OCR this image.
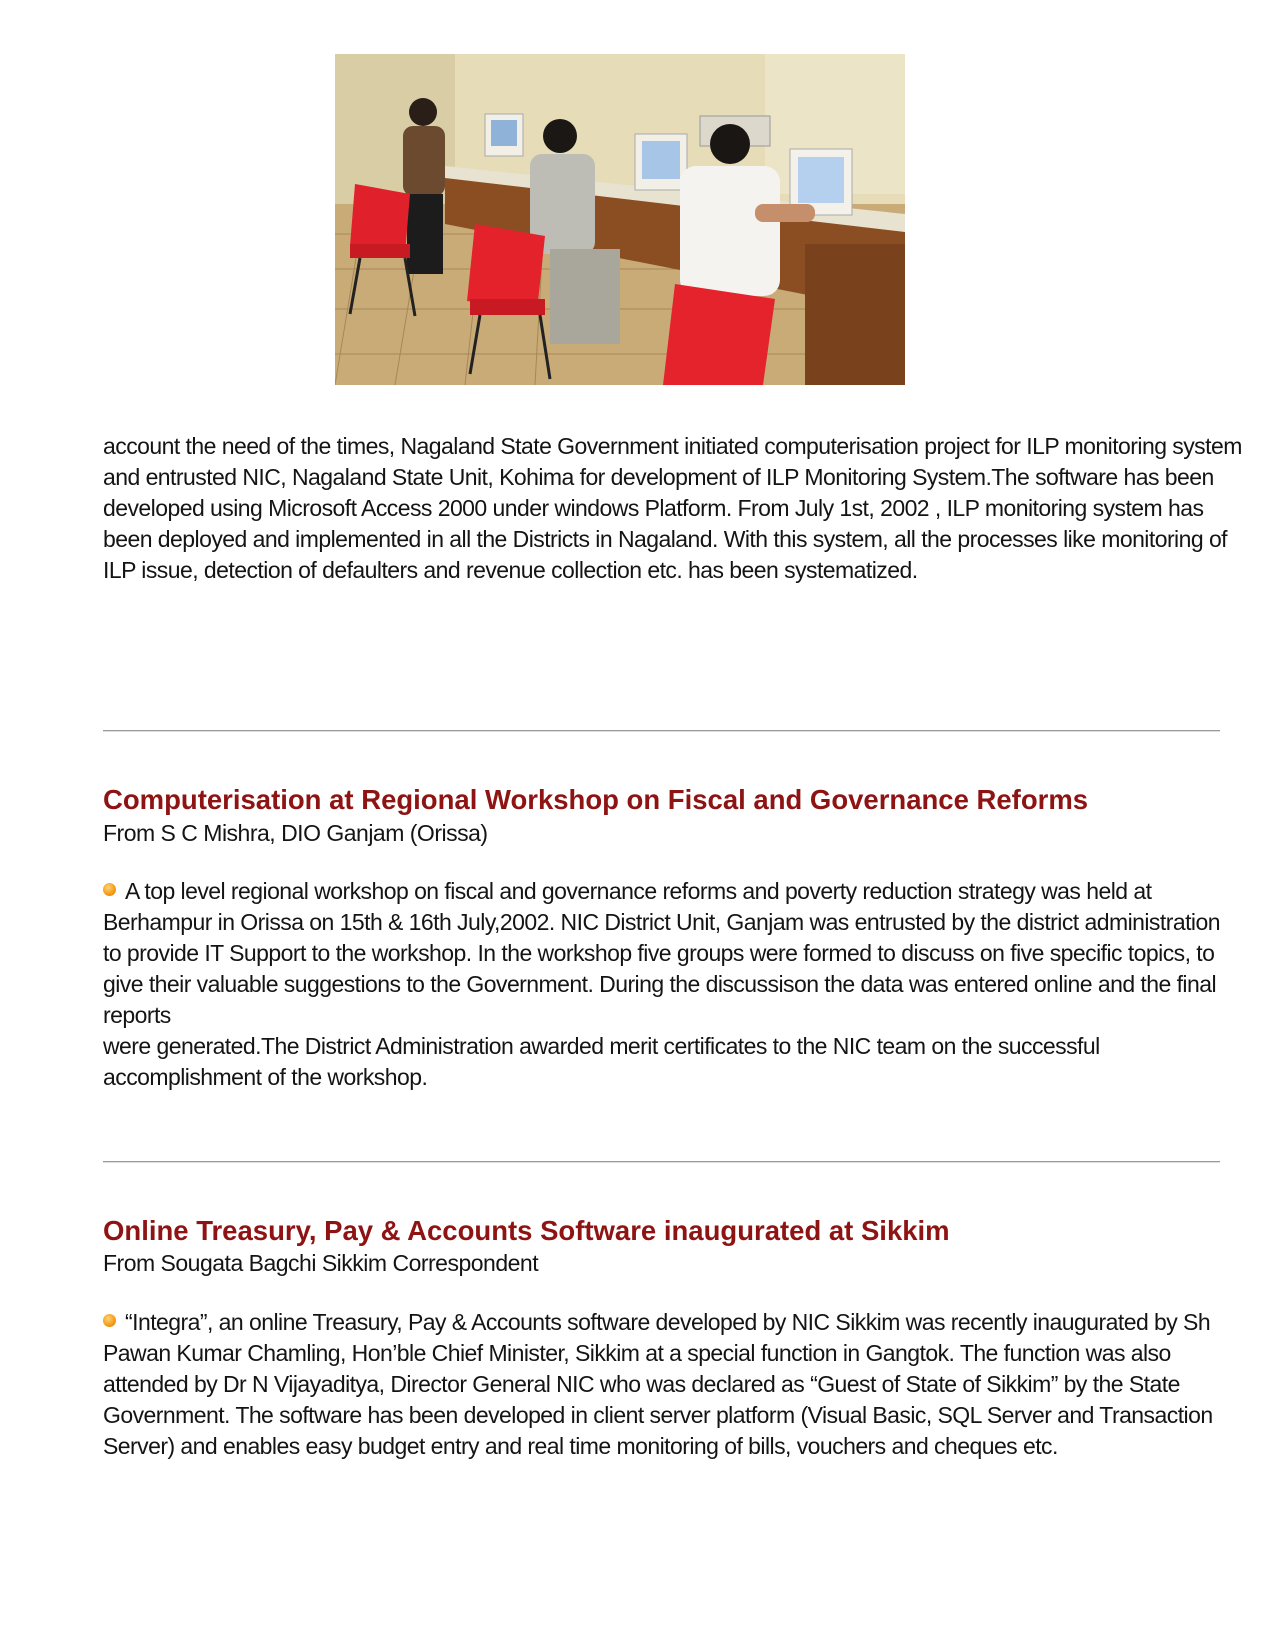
account the need of the times, Nagaland State Government initiated computerisation project for ILP monitoring system
and entrusted NIC, Nagaland State Unit, Kohima for development of ILP Monitoring System.The software has been
developed using Microsoft Access 2000 under windows Platform. From July 1st, 2002 , ILP monitoring system has
been deployed and implemented in all the Districts in Nagaland. With this system, all the processes like monitoring of
ILP issue, detection of defaulters and revenue collection etc. has been systematized.

Computerisation at Regional Workshop on Fiscal and Governance Reforms

From S C Mishra, DIO Ganjam (Orissa)

A top level regional workshop on fiscal and governance reforms and poverty reduction strategy was held at
Berhampur in Orissa on 15th & 16th July,2002. NIC District Unit, Ganjam was entrusted by the district administration
to provide IT Support to the workshop. In the workshop five groups were formed to discuss on five specific topics, to
give their valuable suggestions to the Government. During the discussison the data was entered online and the final
reports
were generated.The District Administration awarded merit certificates to the NIC team on the successful
accomplishment of the workshop.

Online Treasury, Pay & Accounts Software inaugurated at Sikkim

From Sougata Bagchi Sikkim Correspondent

“Integra”, an online Treasury, Pay & Accounts software developed by NIC Sikkim was recently inaugurated by Sh
Pawan Kumar Chamling, Hon’ble Chief Minister, Sikkim at a special function in Gangtok. The function was also
attended by Dr N Vijayaditya, Director General NIC who was declared as “Guest of State of Sikkim” by the State
Government. The software has been developed in client server platform (Visual Basic, SQL Server and Transaction
Server) and enables easy budget entry and real time monitoring of bills, vouchers and cheques etc.
